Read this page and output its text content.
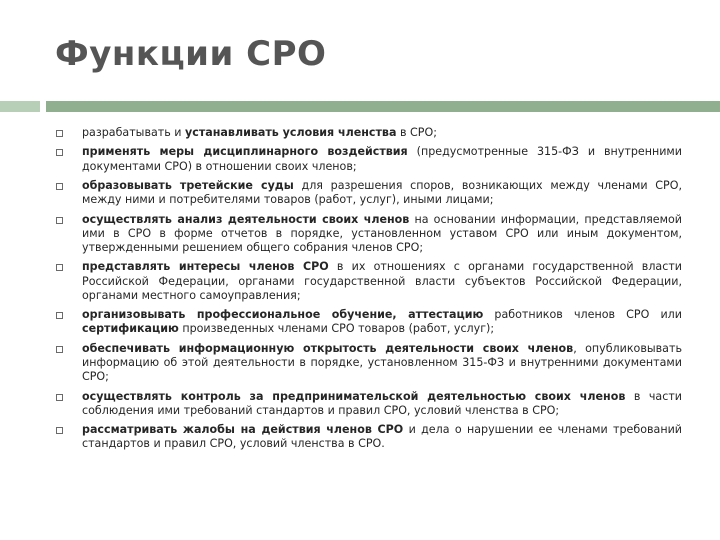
Функции СРО
разрабатывать и устанавливать условия членства в СРО;
применять меры дисциплинарного воздействия (предусмотренные 315-ФЗ и внутренними документами СРО) в отношении своих членов;
образовывать третейские суды для разрешения споров, возникающих между членами СРО, между ними и потребителями товаров (работ, услуг), иными лицами;
осуществлять анализ деятельности своих членов на основании информации, представляемой ими в СРО в форме отчетов в порядке, установленном уставом СРО или иным документом, утвержденными решением общего собрания членов СРО;
представлять интересы членов СРО в их отношениях с органами государственной власти Российской Федерации, органами государственной власти субъектов Российской Федерации, органами местного самоуправления;
организовывать профессиональное обучение, аттестацию работников членов СРО или сертификацию произведенных членами СРО товаров (работ, услуг);
обеспечивать информационную открытость деятельности своих членов, опубликовывать информацию об этой деятельности в порядке, установленном 315-ФЗ и внутренними документами СРО;
осуществлять контроль за предпринимательской деятельностью своих членов в части соблюдения ими требований стандартов и правил СРО, условий членства в СРО;
рассматривать жалобы на действия членов СРО и дела о нарушении ее членами требований стандартов и правил СРО, условий членства в СРО.
